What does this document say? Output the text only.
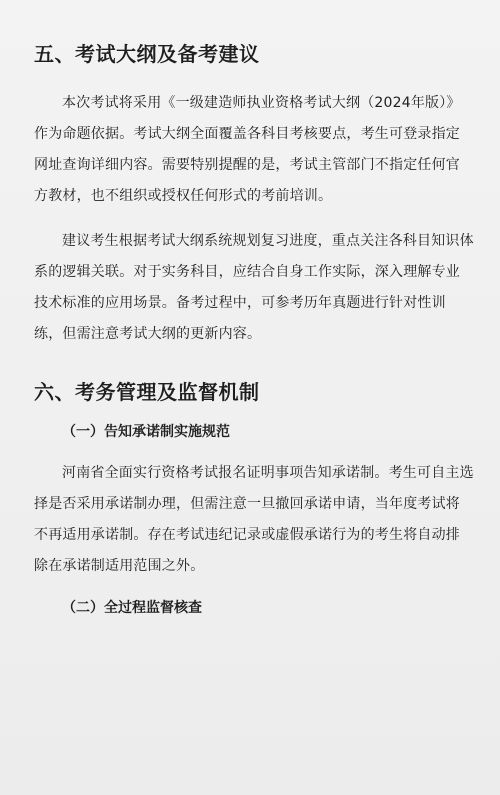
五、考试大纲及备考建议

本次考试将采用《一级建造师执业资格考试大纲（2024年版）》作为命题依据。考试大纲全面覆盖各科目考核要点，考生可登录指定网址查询详细内容。需要特别提醒的是，考试主管部门不指定任何官方教材，也不组织或授权任何形式的考前培训。

建议考生根据考试大纲系统规划复习进度，重点关注各科目知识体系的逻辑关联。对于实务科目，应结合自身工作实际，深入理解专业技术标准的应用场景。备考过程中，可参考历年真题进行针对性训练，但需注意考试大纲的更新内容。

六、考务管理及监督机制
（一）告知承诺制实施规范

河南省全面实行资格考试报名证明事项告知承诺制。考生可自主选择是否采用承诺制办理，但需注意一旦撤回承诺申请，当年度考试将不再适用承诺制。存在考试违纪记录或虚假承诺行为的考生将自动排除在承诺制适用范围之外。

（二）全过程监督核查
